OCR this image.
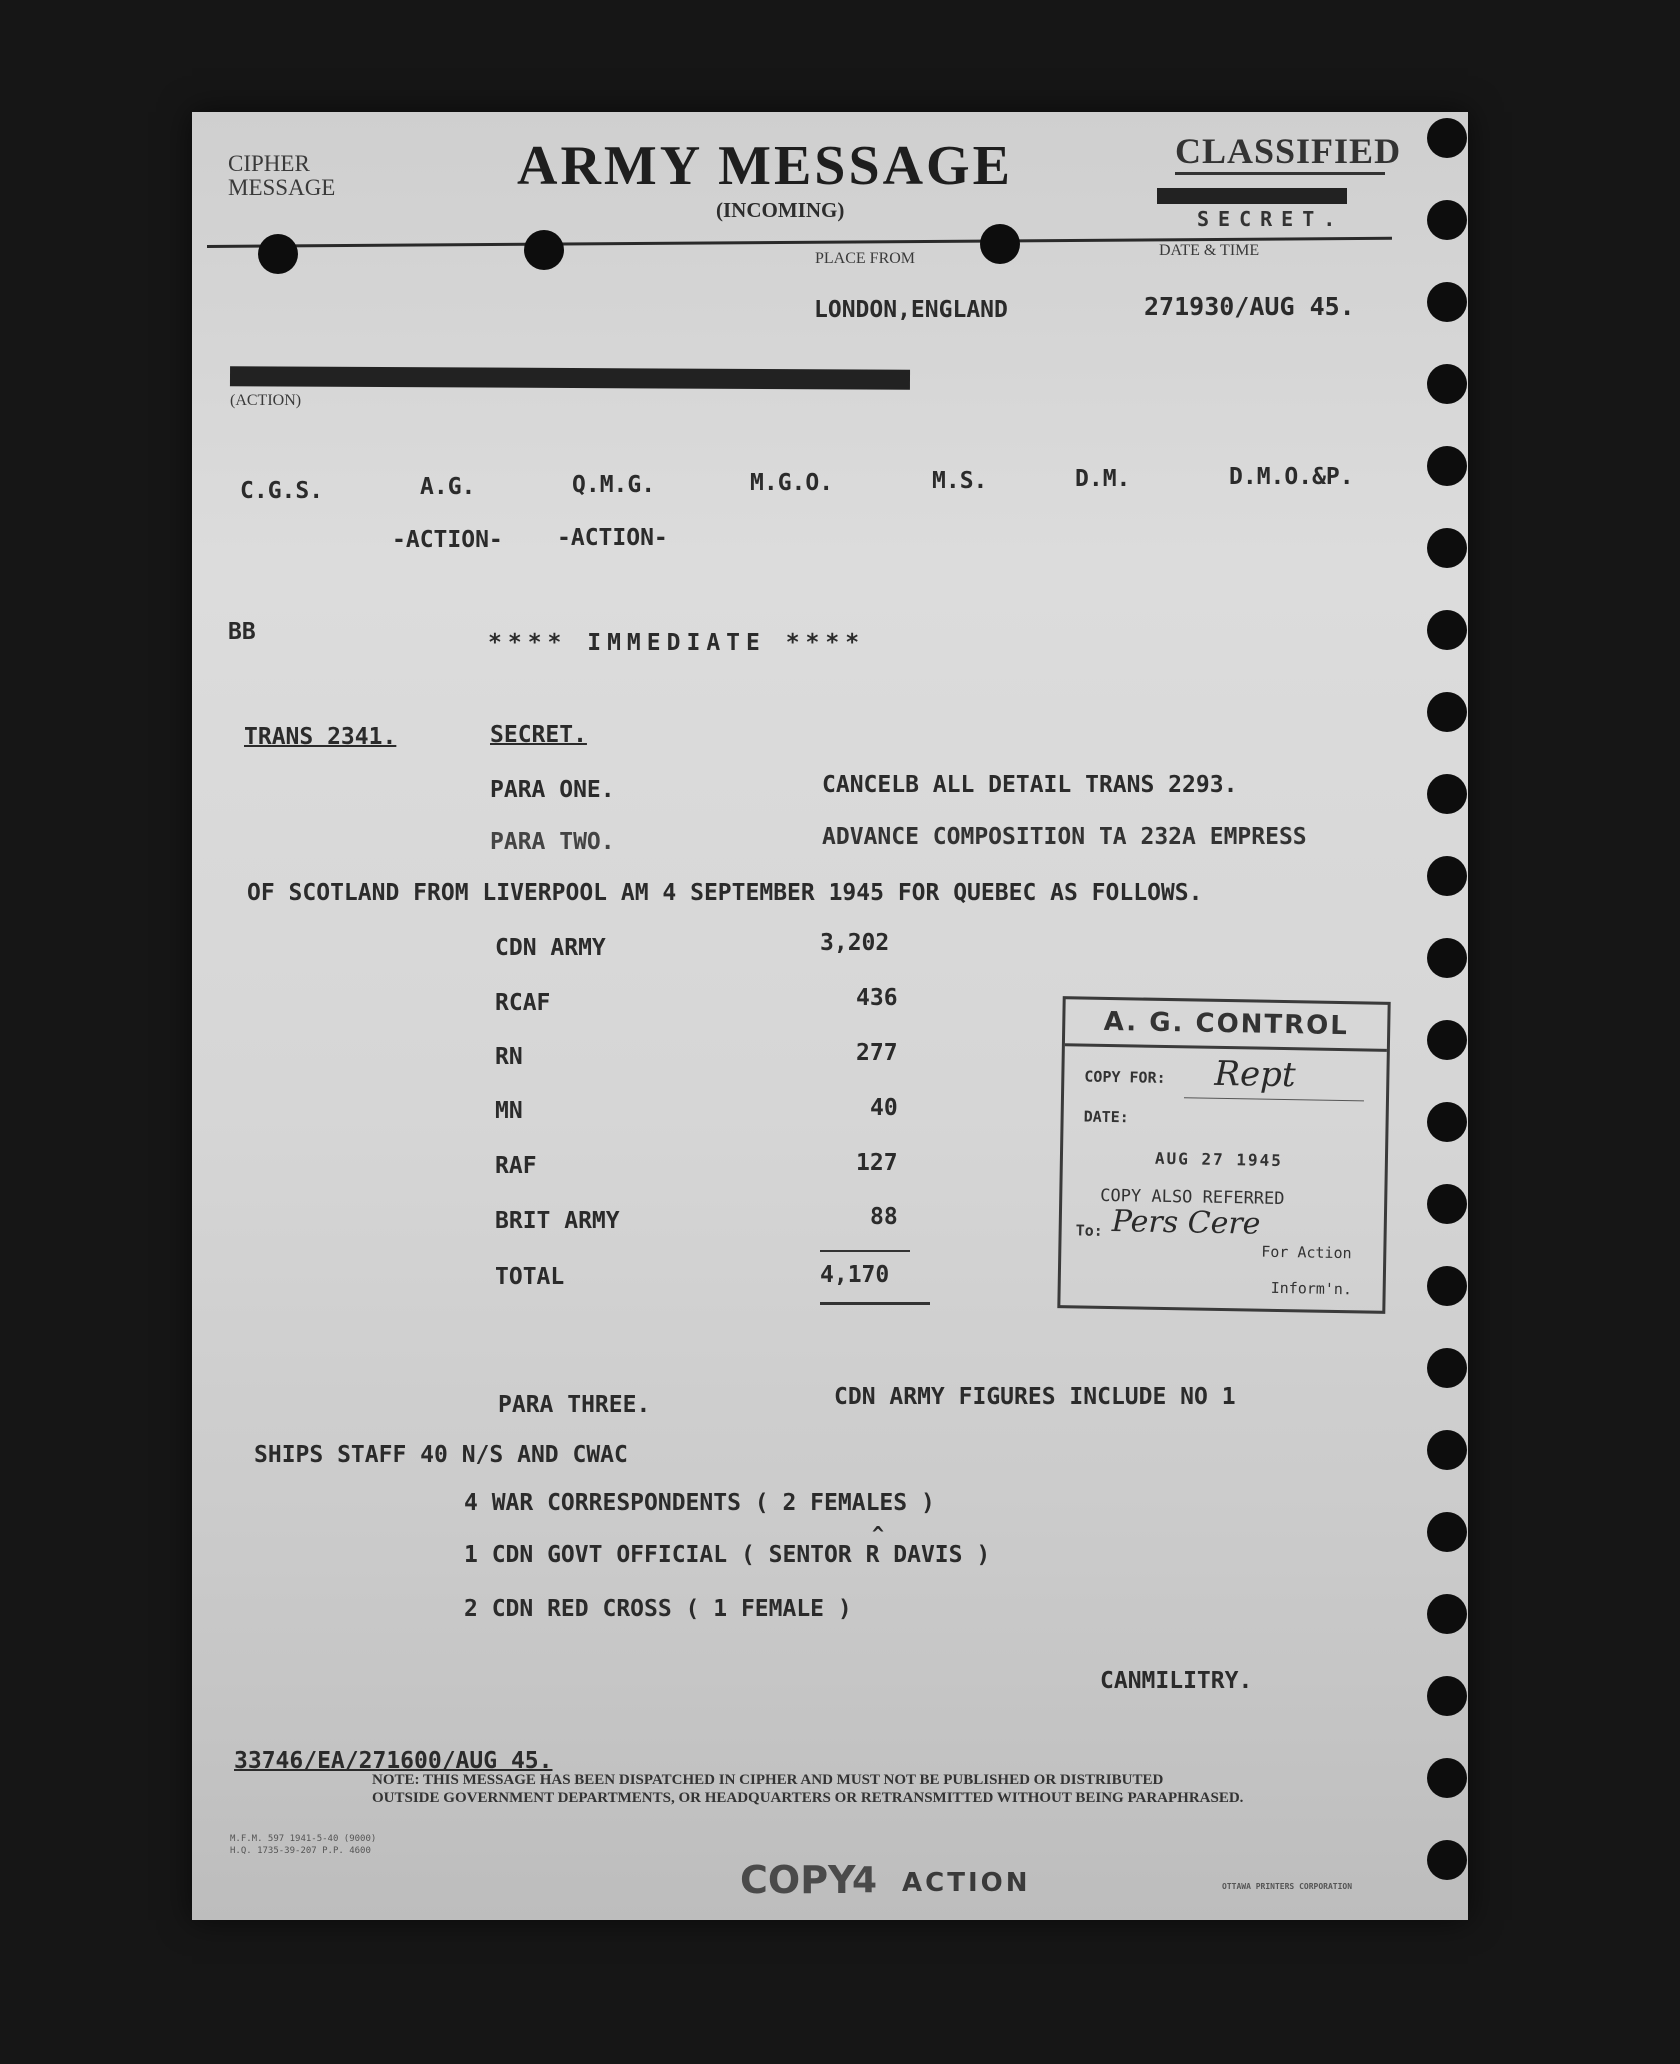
CIPHER
MESSAGE	ARMY MESSAGE
(INCOMING)
CLASSIFIED
SECRET.
PLACE FROM	DATE & TIME
LONDON,ENGLAND	271930/AUG 45.
(ACTION)
C.G.S.	A.G.	Q.M.G.	M.G.O.	M.S.	D.M.	D.M.O.&P.
-ACTION- -ACTION-
BB	**** IMMEDIATE ****
TRANS 2341.	SECRET.
PARA ONE.	CANCELB ALL DETAIL TRANS 2293.
PARA TWO.	ADVANCE COMPOSITION TA 232A EMPRESS
OF SCOTLAND FROM LIVERPOOL AM 4 SEPTEMBER 1945 FOR QUEBEC AS FOLLOWS.
CDN ARMY	3,202
RCAF	436
RN	277
MN	40
RAF	127
BRIT ARMY	88
TOTAL	4,170
A. G. CONTROL
COPY FOR: Rept
DATE:
AUG 27 1945
COPY ALSO REFERRED
To: Pers Cere
For Action
Inform'n.
PARA THREE.	CDN ARMY FIGURES INCLUDE NO 1
SHIPS STAFF 40 N/S AND CWAC
4 WAR CORRESPONDENTS ( 2 FEMALES )
^
1 CDN GOVT OFFICIAL ( SENTOR R DAVIS )
2 CDN RED CROSS ( 1 FEMALE )
CANMILITRY.
33746/EA/271600/AUG 45.
NOTE: THIS MESSAGE HAS BEEN DISPATCHED IN CIPHER AND MUST NOT BE PUBLISHED OR DISTRIBUTED
OUTSIDE GOVERNMENT DEPARTMENTS, OR HEADQUARTERS OR RETRANSMITTED WITHOUT BEING PARAPHRASED.
M.F.M. 597 1941-5-40 (9000)
H.Q. 1735-39-207 P.P. 4600
COPY
4 ACTION	OTTAWA PRINTERS CORPORATION
